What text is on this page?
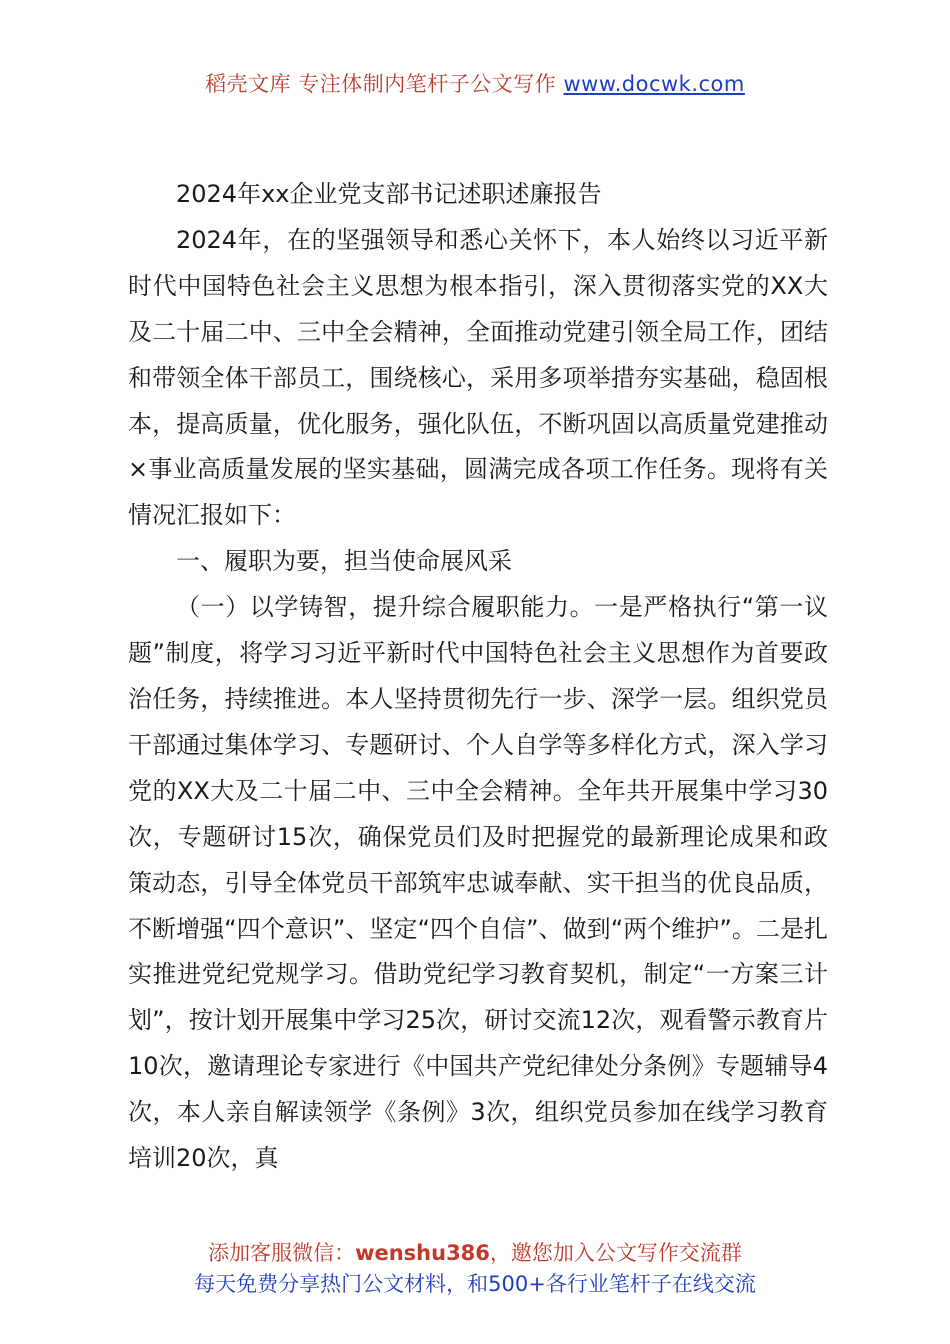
稻壳文库 专注体制内笔杆子公文写作 www.docwk.com

2024年xx企业党支部书记述职述廉报告

2024年，在的坚强领导和悉心关怀下，本人始终以习近平新时代中国特色社会主义思想为根本指引，深入贯彻落实党的XX大及二十届二中、三中全会精神，全面推动党建引领全局工作，团结和带领全体干部员工，围绕核心，采用多项举措夯实基础，稳固根本，提高质量，优化服务，强化队伍，不断巩固以高质量党建推动×事业高质量发展的坚实基础，圆满完成各项工作任务。现将有关情况汇报如下：

一、履职为要，担当使命展风采

（一）以学铸智，提升综合履职能力。一是严格执行“第一议题”制度，将学习习近平新时代中国特色社会主义思想作为首要政治任务，持续推进。本人坚持贯彻先行一步、深学一层。组织党员干部通过集体学习、专题研讨、个人自学等多样化方式，深入学习党的XX大及二十届二中、三中全会精神。全年共开展集中学习30次，专题研讨15次，确保党员们及时把握党的最新理论成果和政策动态，引导全体党员干部筑牢忠诚奉献、实干担当的优良品质，不断增强“四个意识”、坚定“四个自信”、做到“两个维护”。二是扎实推进党纪党规学习。借助党纪学习教育契机，制定“一方案三计划”，按计划开展集中学习25次，研讨交流12次，观看警示教育片10次，邀请理论专家进行《中国共产党纪律处分条例》专题辅导4次，本人亲自解读领学《条例》3次，组织党员参加在线学习教育培训20次，真

添加客服微信：wenshu386，邀您加入公文写作交流群
每天免费分享热门公文材料，和500+各行业笔杆子在线交流
